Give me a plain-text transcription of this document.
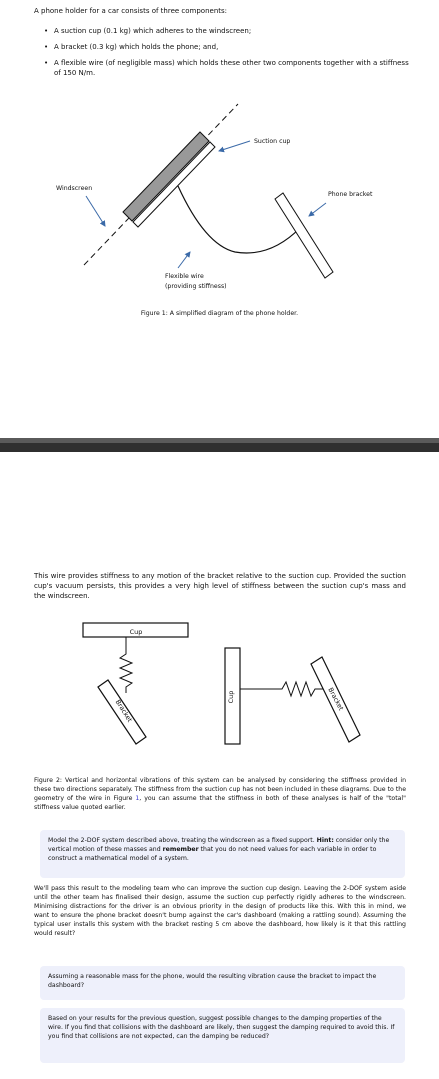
A phone holder for a car consists of three components:
• A suction cup (0.1 kg) which adheres to the windscreen;
• A bracket (0.3 kg) which holds the phone; and,
• A flexible wire (of negligible mass) which holds these other two components together with a stiffness of 150 N/m.
Suction cup
Windscreen
Phone bracket
Flexible wire
(providing stiffness)
Figure 1: A simplified diagram of the phone holder.
This wire provides stiffness to any motion of the bracket relative to the suction cup. Provided the suction cup's vacuum persists, this provides a very high level of stiffness between the suction cup's mass and the windscreen.
Cup
Bracket
Cup	Bracket
Figure 2: Vertical and horizontal vibrations of this system can be analysed by considering the stiffness provided in these two directions separately. The stiffness from the suction cup has not been included in these diagrams. Due to the geometry of the wire in Figure 1, you can assume that the stiffness in both of these analyses is half of the "total" stiffness value quoted earlier.

Model the 2-DOF system described above, treating the windscreen as a fixed support. Hint: consider only the vertical motion of these masses and remember that you do not need values for each variable in order to construct a mathematical model of a system.

We'll pass this result to the modeling team who can improve the suction cup design. Leaving the 2-DOF system aside until the other team has finalised their design, assume the suction cup perfectly rigidly adheres to the windscreen. Minimising distractions for the driver is an obvious priority in the design of products like this. With this in mind, we want to ensure the phone bracket doesn't bump against the car's dashboard (making a rattling sound). Assuming the typical user installs this system with the bracket resting 5 cm above the dashboard, how likely is it that this rattling would result?

Assuming a reasonable mass for the phone, would the resulting vibration cause the bracket to impact the dashboard?

Based on your results for the previous question, suggest possible changes to the damping properties of the wire. If you find that collisions with the dashboard are likely, then suggest the damping required to avoid this. If you find that collisions are not expected, can the damping be reduced?
